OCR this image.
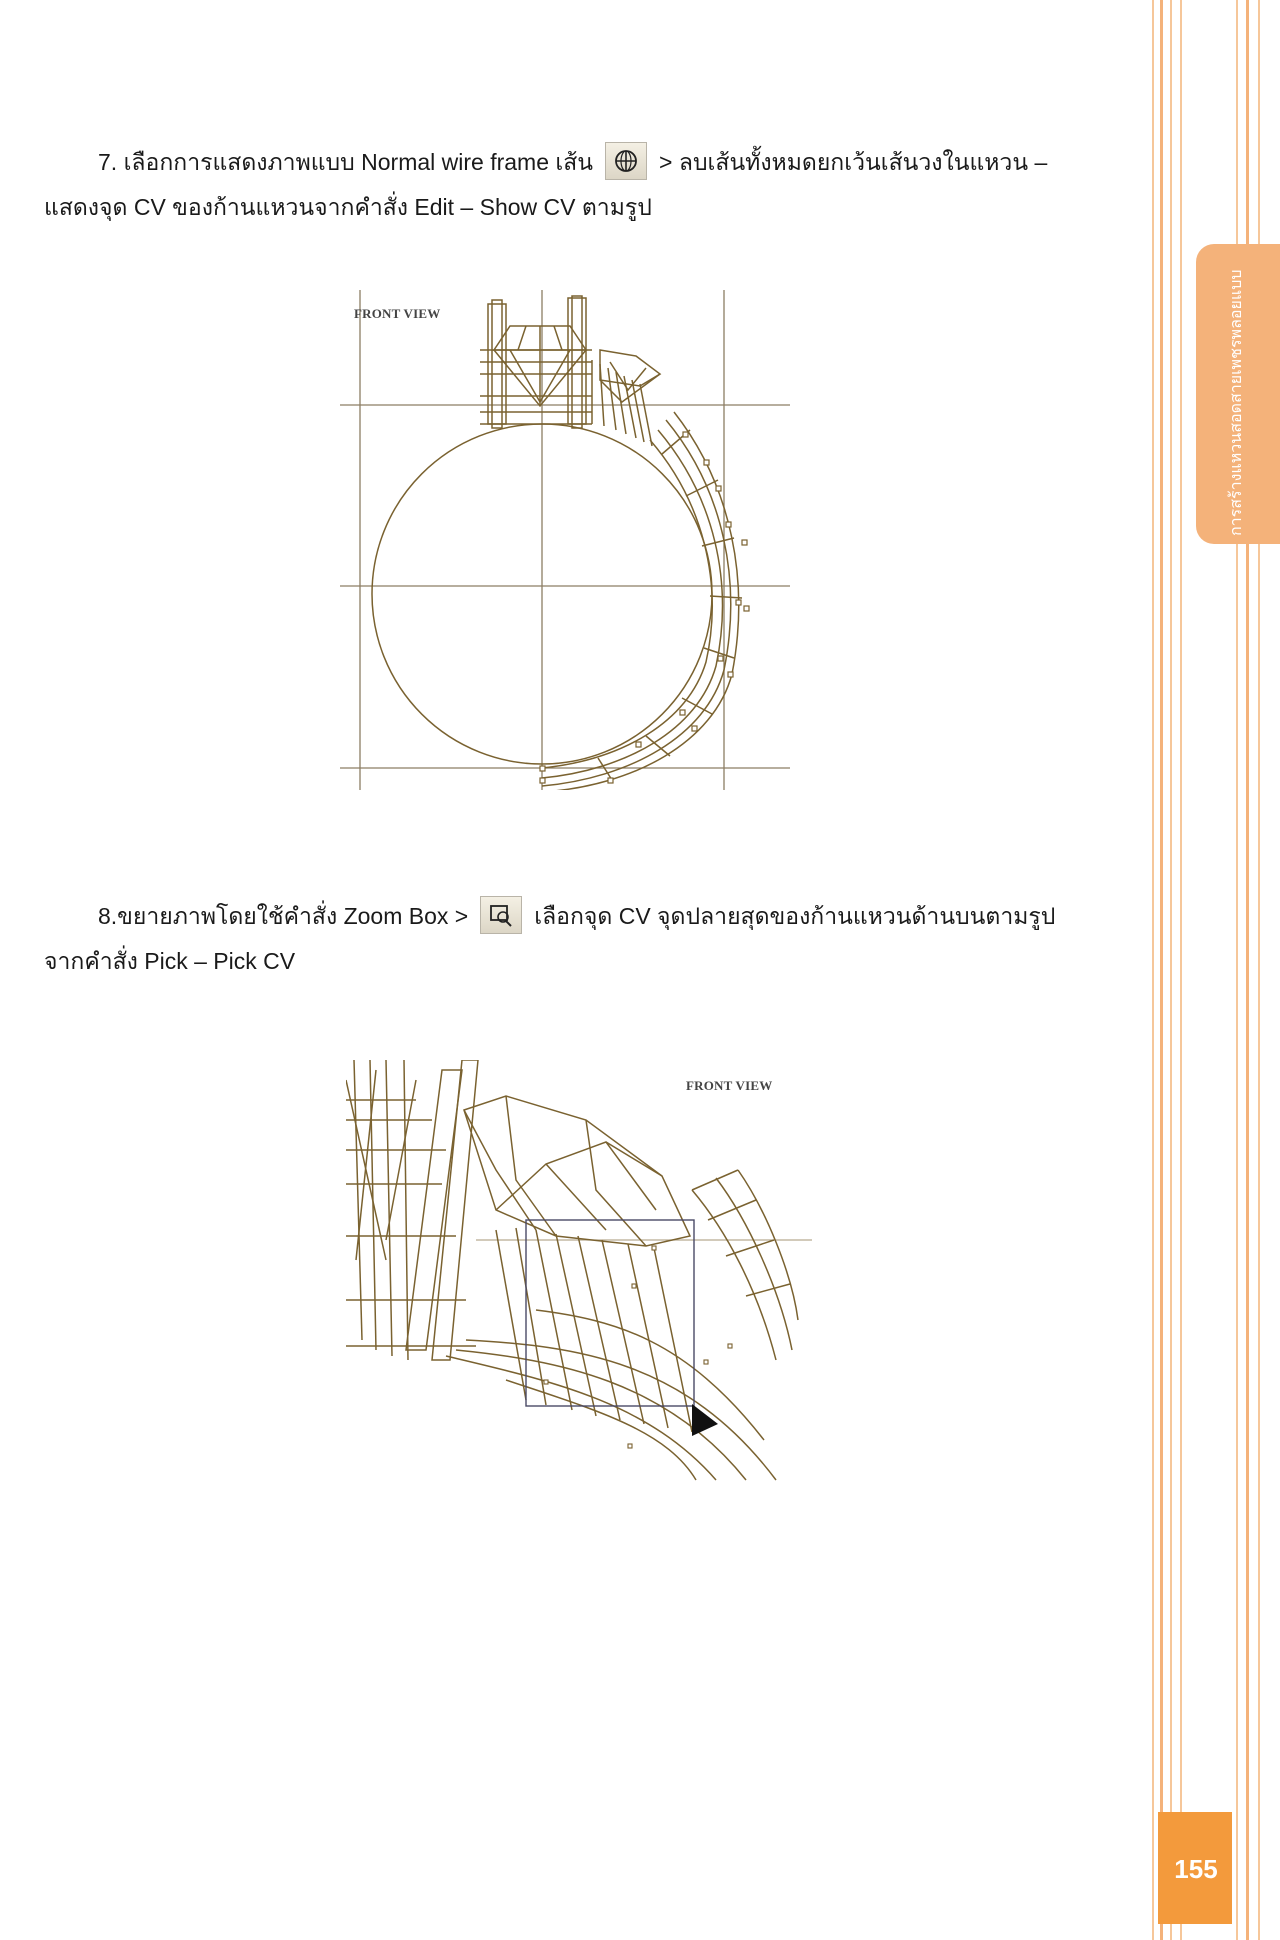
7. เลือกการแสดงภาพแบบ Normal wire frame เส้น	> ลบเส้นทั้งหมดยกเว้นเส้นวงในแหวน – แสดงจุด CV ของก้านแหวนจากคำสั่ง Edit – Show CV ตามรูป

FRONT VIEW

8.ขยายภาพโดยใช้คำสั่ง Zoom Box >	เลือกจุด CV จุดปลายสุดของก้านแหวนด้านบนตามรูปจากคำสั่ง Pick – Pick CV

FRONT VIEW
การสร้างแหวนสอดสายเพชรพลอยแบบ
155
